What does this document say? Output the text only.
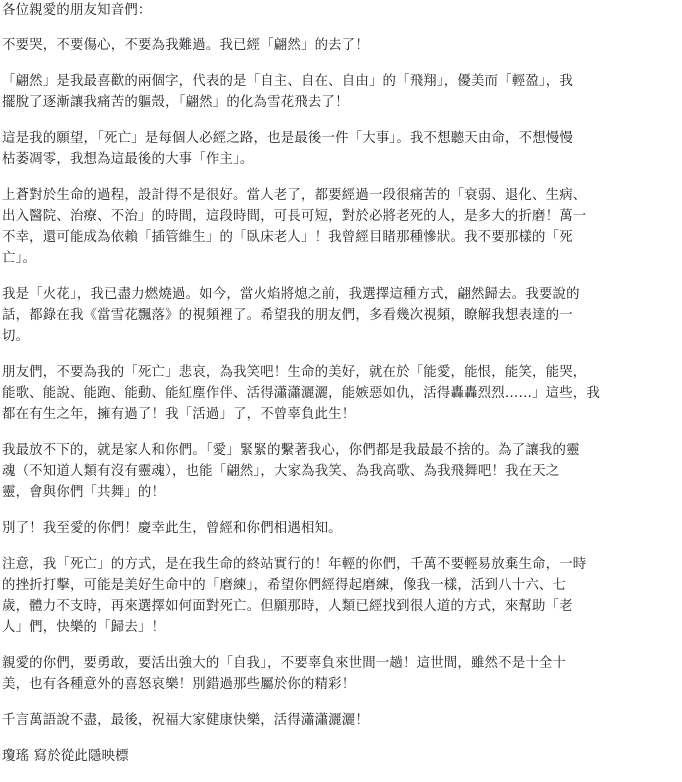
各位親愛的朋友知音們：
不要哭，不要傷心，不要為我難過。我已經「翩然」的去了！
「翩然」是我最喜歡的兩個字，代表的是「自主、自在、自由」的「飛翔」，優美而「輕盈」，我
擺脫了逐漸讓我痛苦的軀殼，「翩然」的化為雪花飛去了！
這是我的願望，「死亡」是每個人必經之路，也是最後一件「大事」。我不想聽天由命，不想慢慢
枯萎凋零，我想為這最後的大事「作主」。
上蒼對於生命的過程，設計得不是很好。當人老了，都要經過一段很痛苦的「衰弱、退化、生病、
出入醫院、治療、不治」的時間，這段時間，可長可短，對於必將老死的人，是多大的折磨！萬一
不幸，還可能成為依賴「插管維生」的「臥床老人」！我曾經目睹那種慘狀。我不要那樣的「死
亡」。
我是「火花」，我已盡力燃燒過。如今，當火焰將熄之前，我選擇這種方式，翩然歸去。我要說的
話，都錄在我《當雪花飄落》的視頻裡了。希望我的朋友們，多看幾次視頻，瞭解我想表達的一
切。
朋友們，不要為我的「死亡」悲哀，為我笑吧！生命的美好，就在於「能愛，能恨，能笑，能哭，
能歌、能說、能跑、能動、能紅塵作伴、活得瀟瀟灑灑，能嫉惡如仇，活得轟轟烈烈……」這些，我
都在有生之年，擁有過了！我「活過」了，不曾辜負此生！
我最放不下的，就是家人和你們。「愛」緊緊的繫著我心，你們都是我最最不捨的。為了讓我的靈
魂（不知道人類有沒有靈魂），也能「翩然」，大家為我笑、為我高歌、為我飛舞吧！我在天之
靈，會與你們「共舞」的！
別了！我至愛的你們！慶幸此生，曾經和你們相遇相知。
注意，我「死亡」的方式，是在我生命的終站實行的！年輕的你們，千萬不要輕易放棄生命，一時
的挫折打擊，可能是美好生命中的「磨練」，希望你們經得起磨練，像我一樣，活到八十六、七
歲，體力不支時，再來選擇如何面對死亡。但願那時，人類已經找到很人道的方式，來幫助「老
人」們，快樂的「歸去」！
親愛的你們，要勇敢，要活出強大的「自我」，不要辜負來世間一趟！這世間，雖然不是十全十
美，也有各種意外的喜怒哀樂！別錯過那些屬於你的精彩！
千言萬語說不盡，最後，祝福大家健康快樂，活得瀟瀟灑灑！
瓊瑤 寫於從此隱映標
